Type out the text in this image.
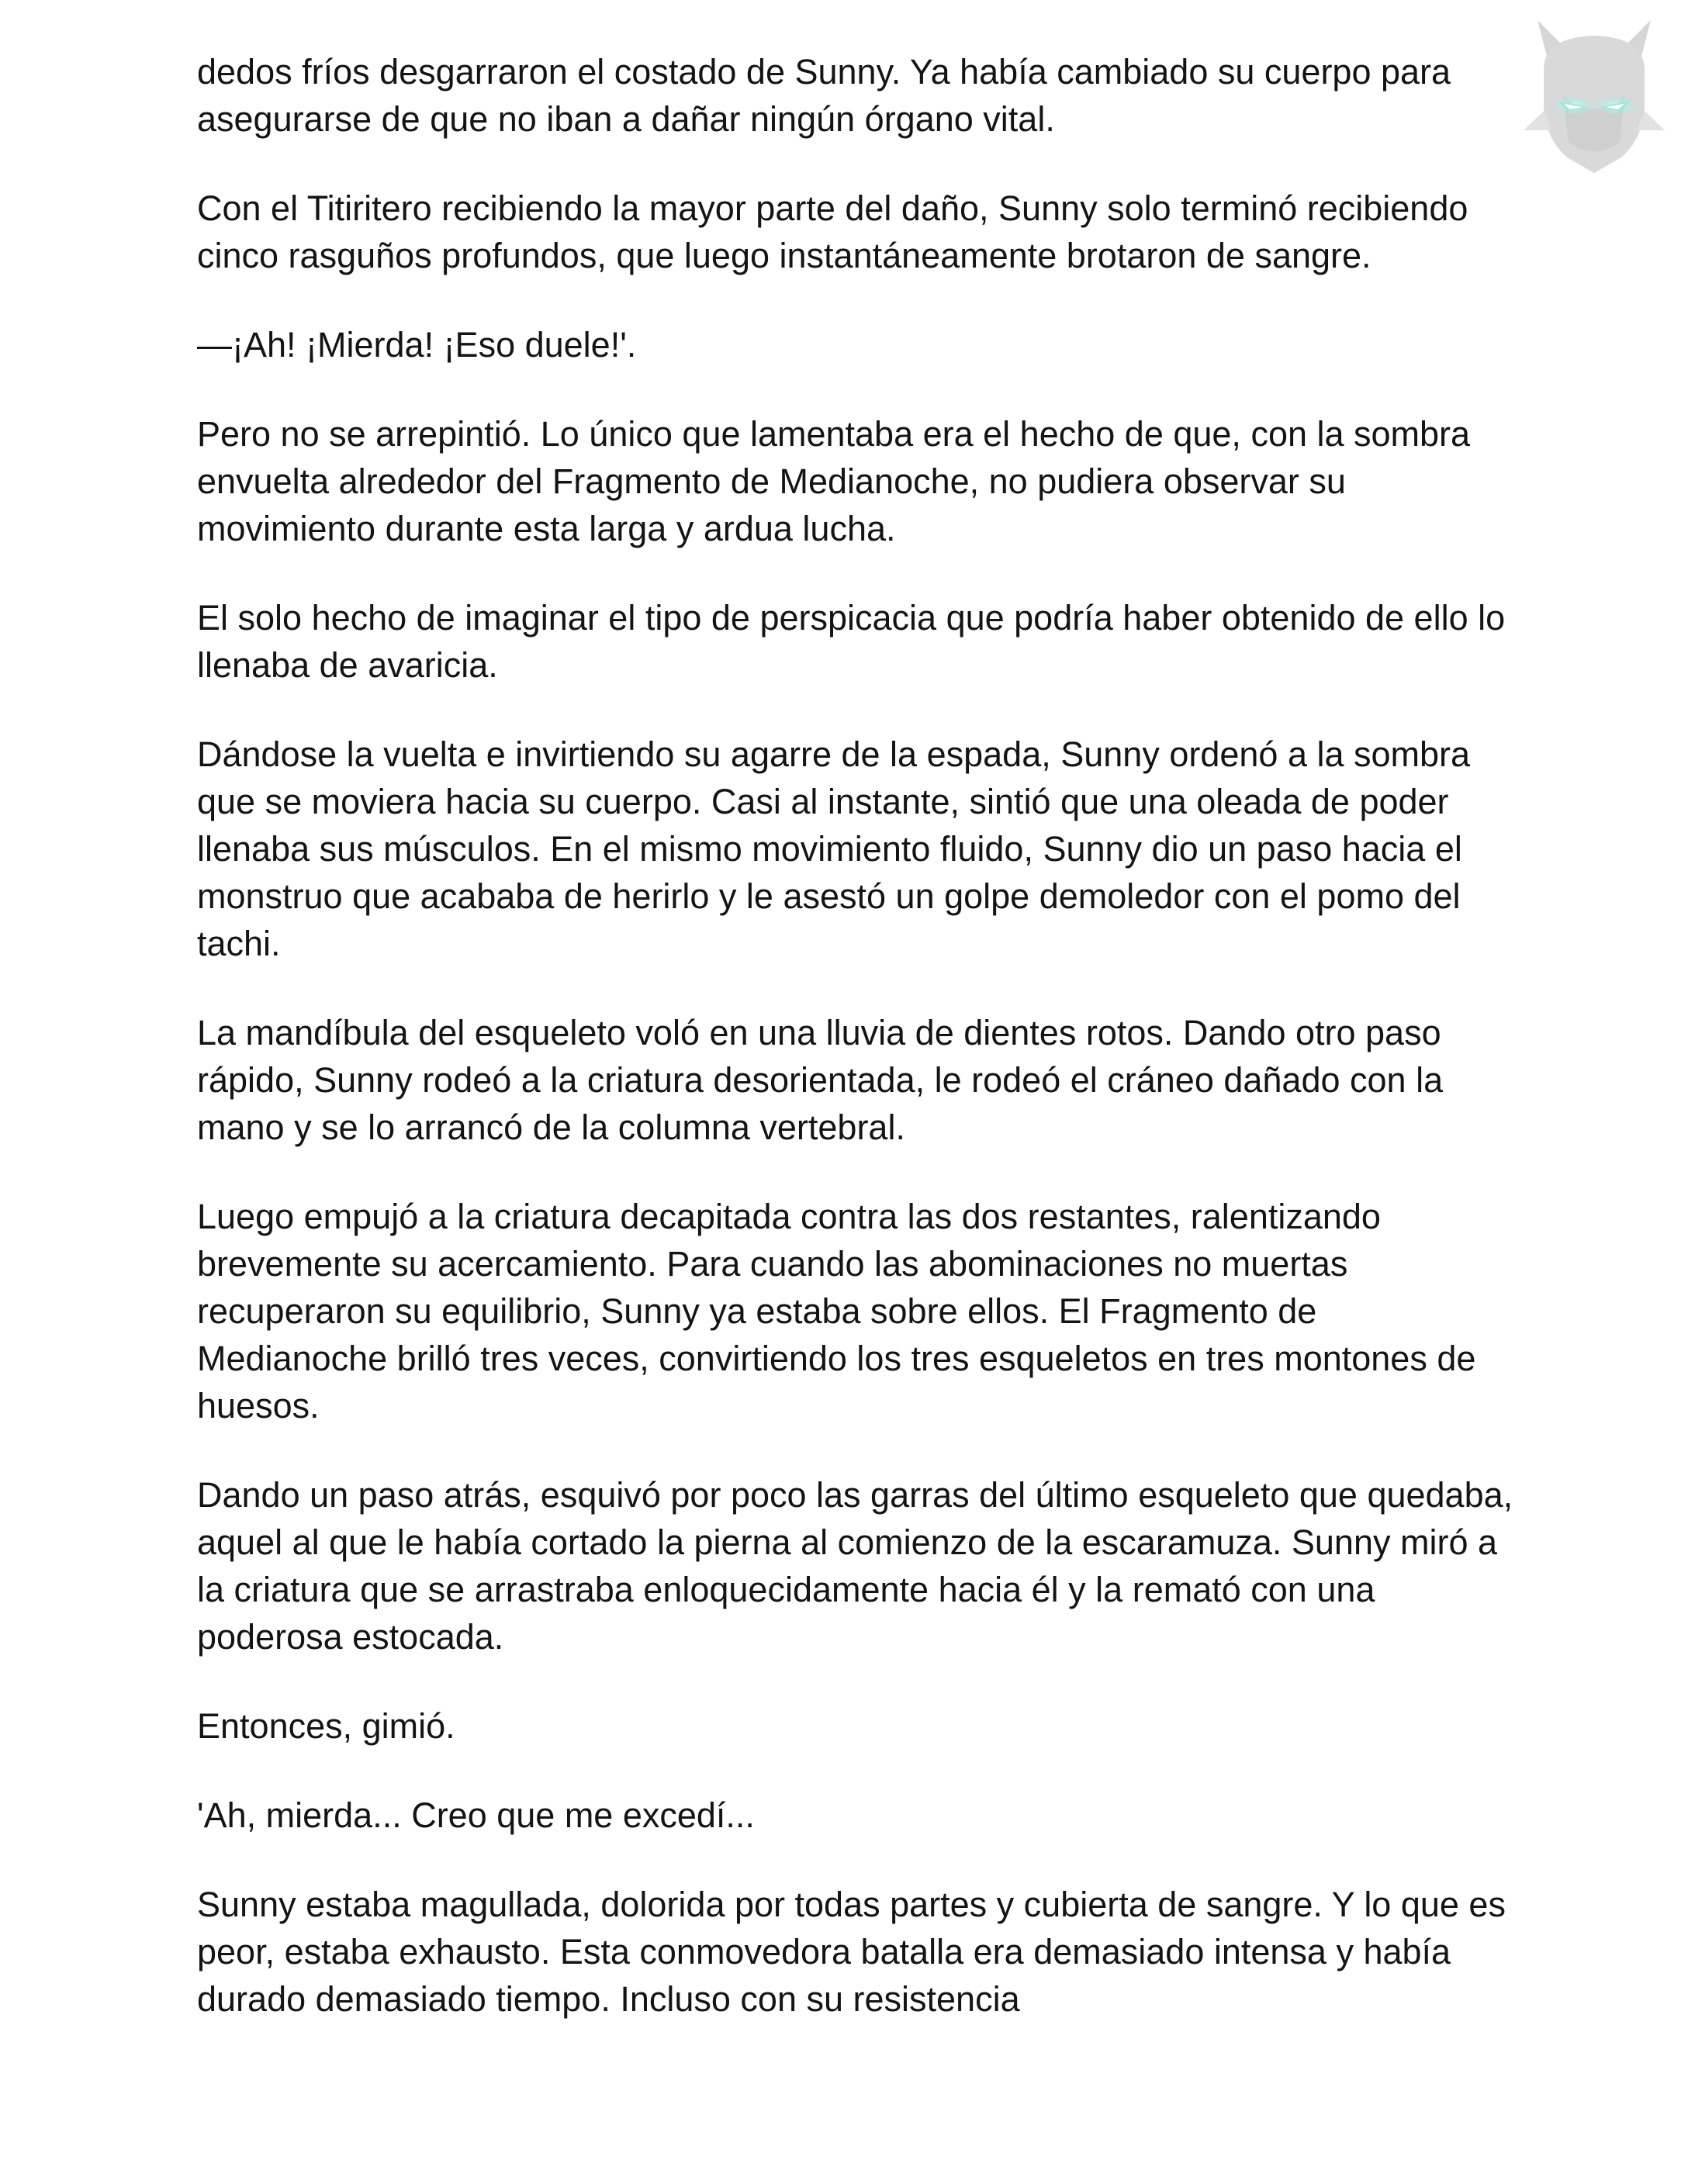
dedos fríos desgarraron el costado de Sunny. Ya había cambiado su cuerpo para asegurarse de que no iban a dañar ningún órgano vital.

Con el Titiritero recibiendo la mayor parte del daño, Sunny solo terminó recibiendo cinco rasguños profundos, que luego instantáneamente brotaron de sangre.

—¡Ah! ¡Mierda! ¡Eso duele!'.

Pero no se arrepintió. Lo único que lamentaba era el hecho de que, con la sombra envuelta alrededor del Fragmento de Medianoche, no pudiera observar su movimiento durante esta larga y ardua lucha.

El solo hecho de imaginar el tipo de perspicacia que podría haber obtenido de ello lo llenaba de avaricia.

Dándose la vuelta e invirtiendo su agarre de la espada, Sunny ordenó a la sombra que se moviera hacia su cuerpo. Casi al instante, sintió que una oleada de poder llenaba sus músculos. En el mismo movimiento fluido, Sunny dio un paso hacia el monstruo que acababa de herirlo y le asestó un golpe demoledor con el pomo del tachi.

La mandíbula del esqueleto voló en una lluvia de dientes rotos. Dando otro paso rápido, Sunny rodeó a la criatura desorientada, le rodeó el cráneo dañado con la mano y se lo arrancó de la columna vertebral.

Luego empujó a la criatura decapitada contra las dos restantes, ralentizando brevemente su acercamiento. Para cuando las abominaciones no muertas recuperaron su equilibrio, Sunny ya estaba sobre ellos. El Fragmento de Medianoche brilló tres veces, convirtiendo los tres esqueletos en tres montones de huesos.

Dando un paso atrás, esquivó por poco las garras del último esqueleto que quedaba, aquel al que le había cortado la pierna al comienzo de la escaramuza. Sunny miró a la criatura que se arrastraba enloquecidamente hacia él y la remató con una poderosa estocada.

Entonces, gimió.

'Ah, mierda... Creo que me excedí...

Sunny estaba magullada, dolorida por todas partes y cubierta de sangre. Y lo que es peor, estaba exhausto. Esta conmovedora batalla era demasiado intensa y había durado demasiado tiempo. Incluso con su resistencia
